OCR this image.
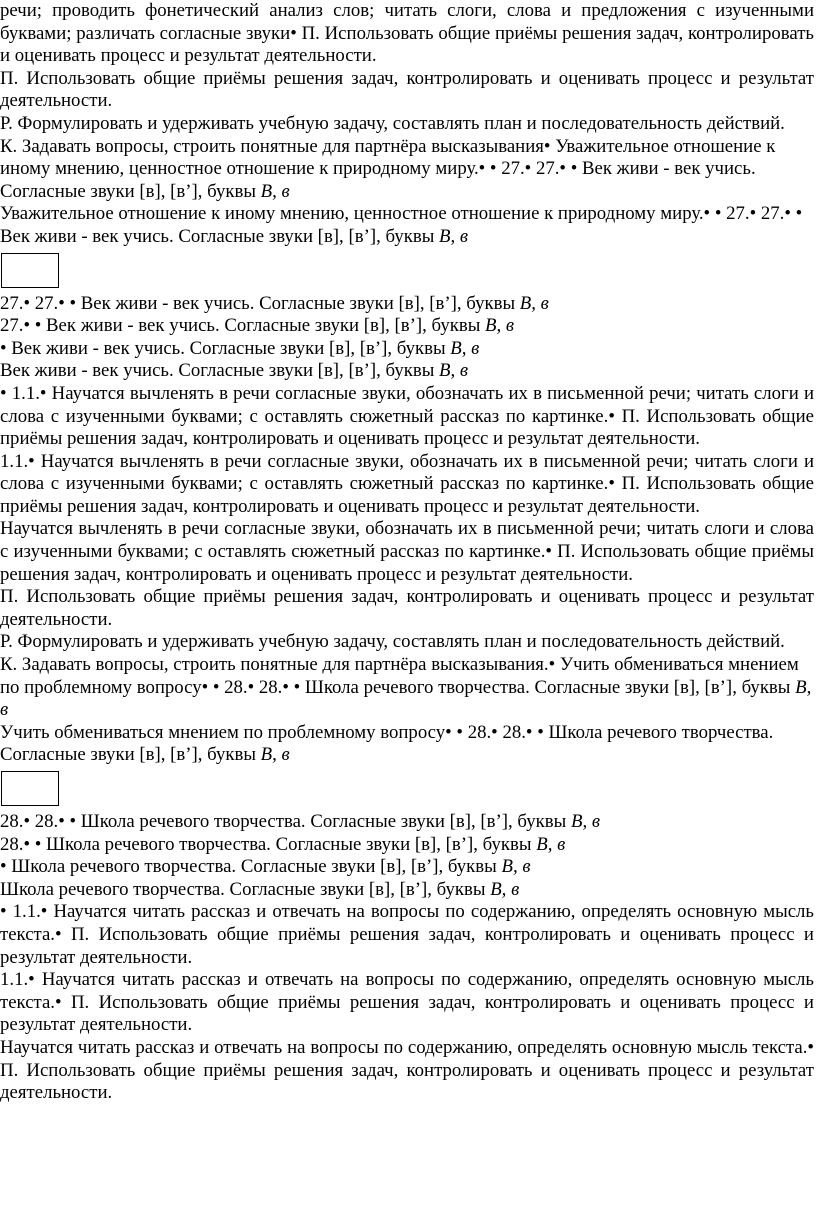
речи; проводить фонетический анализ слов; читать слоги, слова и предложения с изученными буквами; различать согласные звуки• П. Использовать общие приёмы решения задач, контролировать и оценивать процесс и результат деятельности.

П. Использовать общие приёмы решения задач, контролировать и оценивать процесс и результат деятельности.

Р. Формулировать и удерживать учебную задачу, составлять план и последовательность действий.

К. Задавать вопросы, строить понятные для партнёра высказывания• Уважительное отношение к иному мнению, ценностное отношение к природному миру.• • 27.• 27.• • Век живи - век учись. Согласные звуки [в], [в’], буквы В, в

Уважительное отношение к иному мнению, ценностное отношение к природному миру.• • 27.• 27.• • Век живи - век учись. Согласные звуки [в], [в’], буквы В, в

27.• 27.• • Век живи - век учись. Согласные звуки [в], [в’], буквы В, в

27.• • Век живи - век учись. Согласные звуки [в], [в’], буквы В, в

• Век живи - век учись. Согласные звуки [в], [в’], буквы В, в

Век живи - век учись. Согласные звуки [в], [в’], буквы В, в

• 1.1.• Научатся вычленять в речи согласные звуки, обозначать их в письменной речи; читать слоги и слова с изученными буквами; с оставлять сюжетный рассказ по картинке.• П. Использовать общие приёмы решения задач, контролировать и оценивать процесс и результат деятельности.

1.1.• Научатся вычленять в речи согласные звуки, обозначать их в письменной речи; читать слоги и слова с изученными буквами; с оставлять сюжетный рассказ по картинке.• П. Использовать общие приёмы решения задач, контролировать и оценивать процесс и результат деятельности.

Научатся вычленять в речи согласные звуки, обозначать их в письменной речи; читать слоги и слова с изученными буквами; с оставлять сюжетный рассказ по картинке.• П. Использовать общие приёмы решения задач, контролировать и оценивать процесс и результат деятельности.

П. Использовать общие приёмы решения задач, контролировать и оценивать процесс и результат деятельности.

Р. Формулировать и удерживать учебную задачу, составлять план и последовательность действий.

К. Задавать вопросы, строить понятные для партнёра высказывания.• Учить обмениваться мнением по проблемному вопросу• • 28.• 28.• • Школа речевого творчества. Согласные звуки [в], [в’], буквы В, в

Учить обмениваться мнением по проблемному вопросу• • 28.• 28.• • Школа речевого творчества. Согласные звуки [в], [в’], буквы В, в

28.• 28.• • Школа речевого творчества. Согласные звуки [в], [в’], буквы В, в

28.• • Школа речевого творчества. Согласные звуки [в], [в’], буквы В, в

• Школа речевого творчества. Согласные звуки [в], [в’], буквы В, в

Школа речевого творчества. Согласные звуки [в], [в’], буквы В, в

• 1.1.• Научатся читать рассказ и отвечать на вопросы по содержанию, определять основную мысль текста.• П. Использовать общие приёмы решения задач, контролировать и оценивать процесс и результат деятельности.

1.1.• Научатся читать рассказ и отвечать на вопросы по содержанию, определять основную мысль текста.• П. Использовать общие приёмы решения задач, контролировать и оценивать процесс и результат деятельности.

Научатся читать рассказ и отвечать на вопросы по содержанию, определять основную мысль текста.• П. Использовать общие приёмы решения задач, контролировать и оценивать процесс и результат деятельности.
